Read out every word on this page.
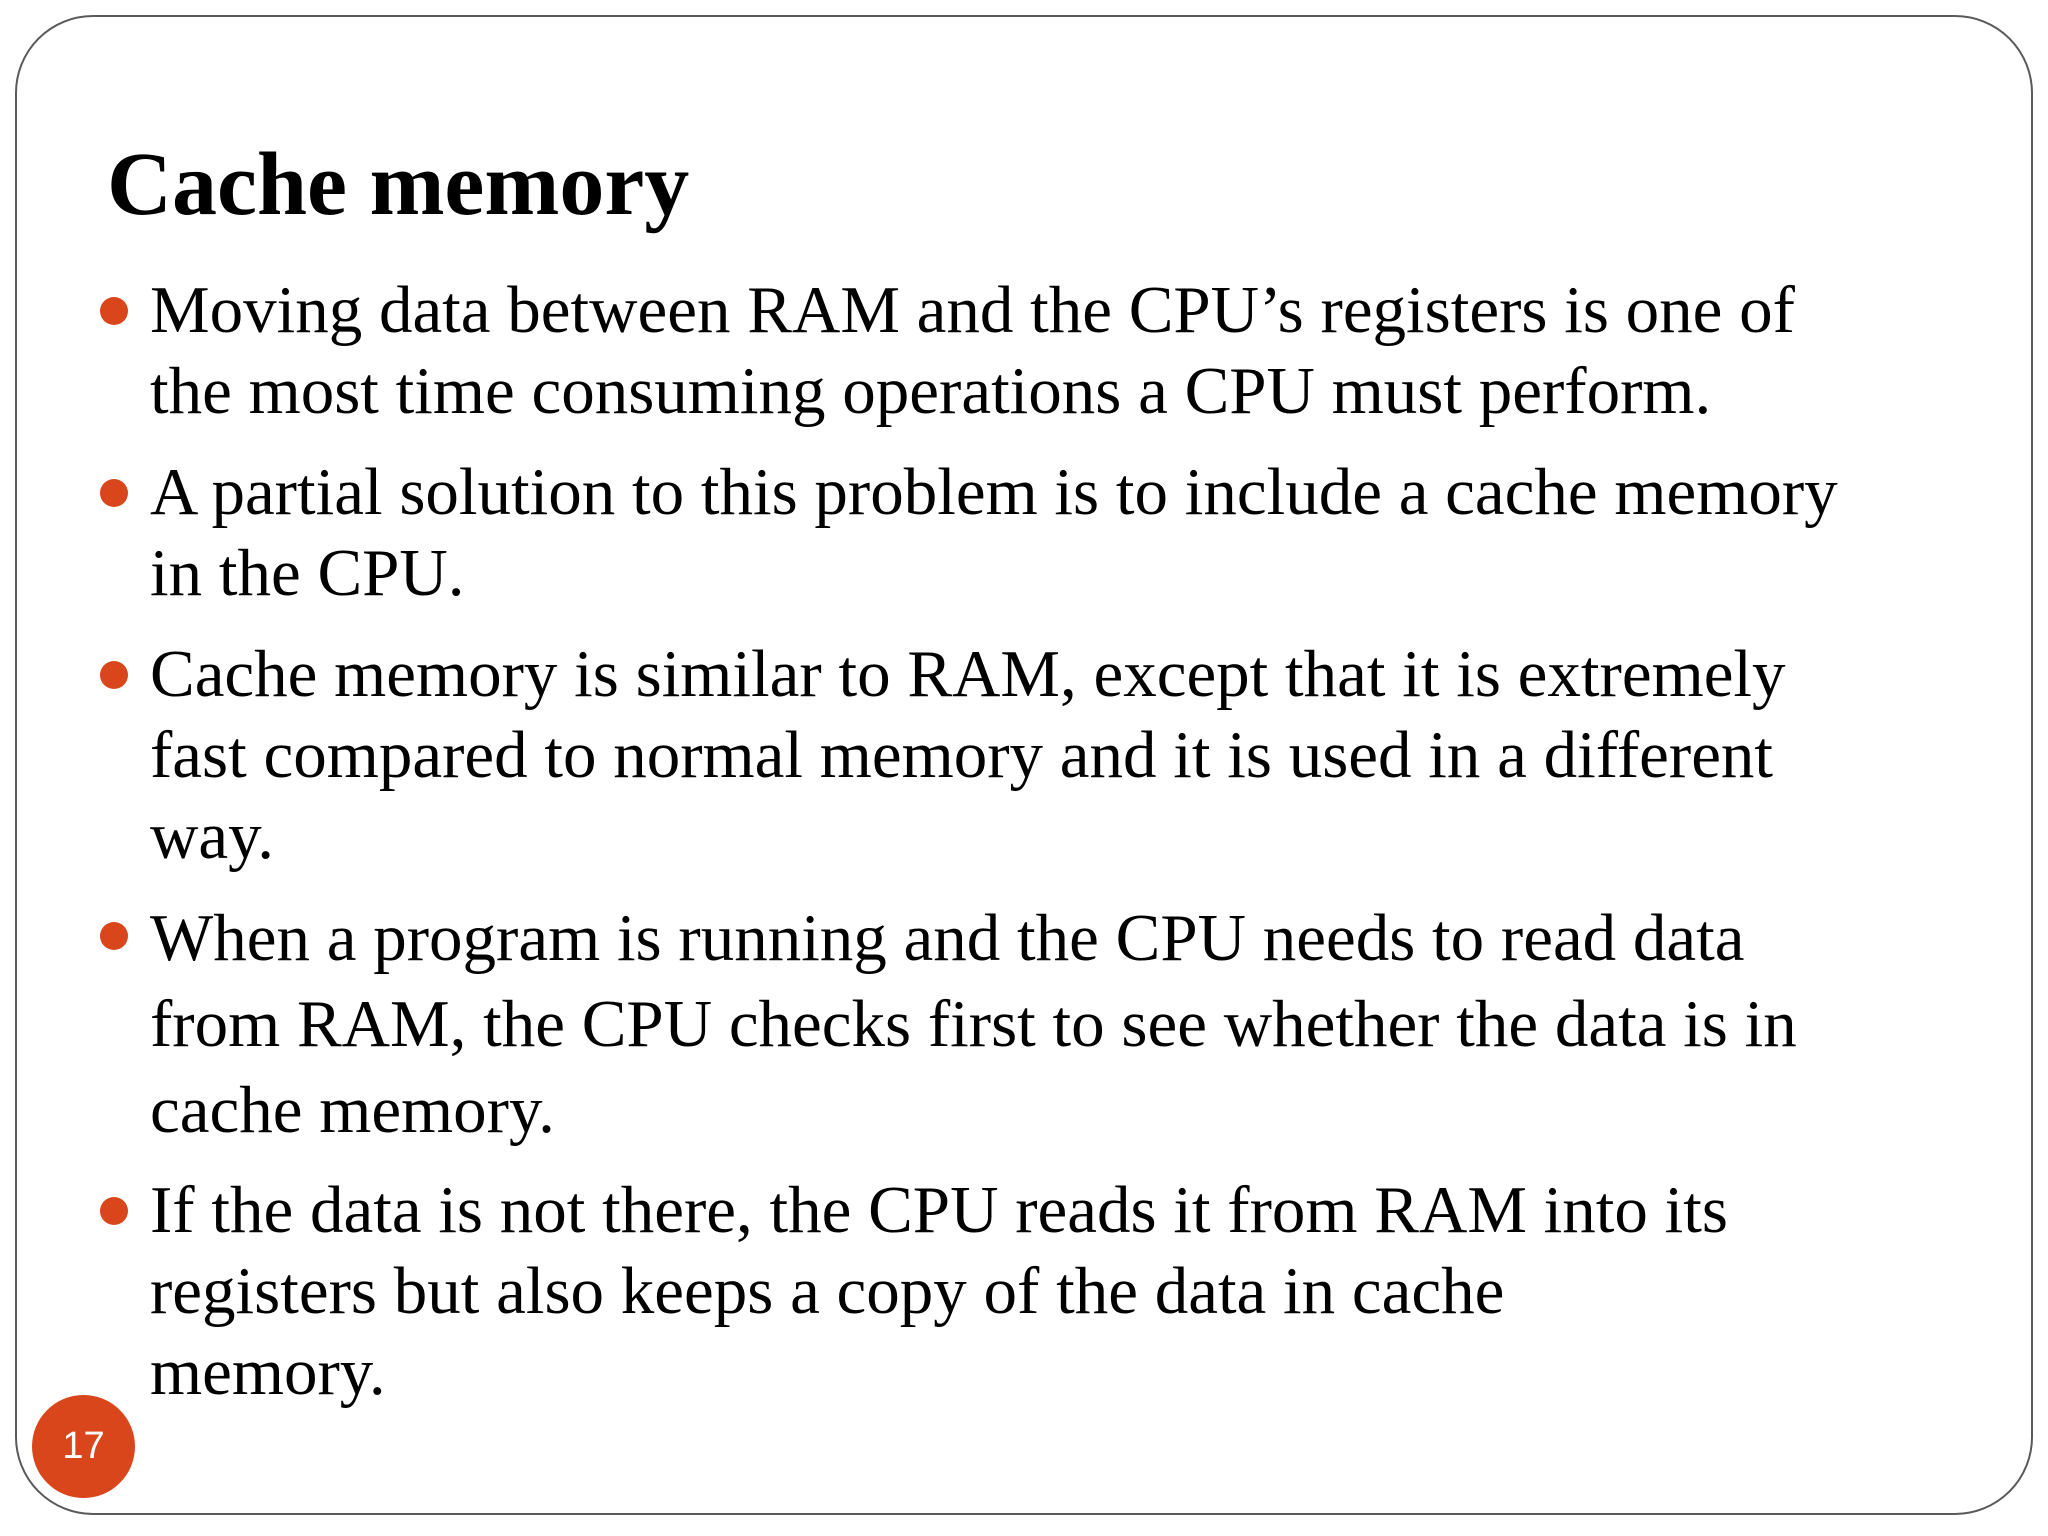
Cache memory
Moving data between RAM and the CPU’s registers is one of
the most time consuming operations a CPU must perform.
A partial solution to this problem is to include a cache memory
in the CPU.
Cache memory is similar to RAM, except that it is extremely
fast compared to normal memory and it is used in a different
way.
When a program is running and the CPU needs to read data
from RAM, the CPU checks first to see whether the data is in
cache memory.
If the data is not there, the CPU reads it from RAM into its
registers but also keeps a copy of the data in cache
memory.
17
